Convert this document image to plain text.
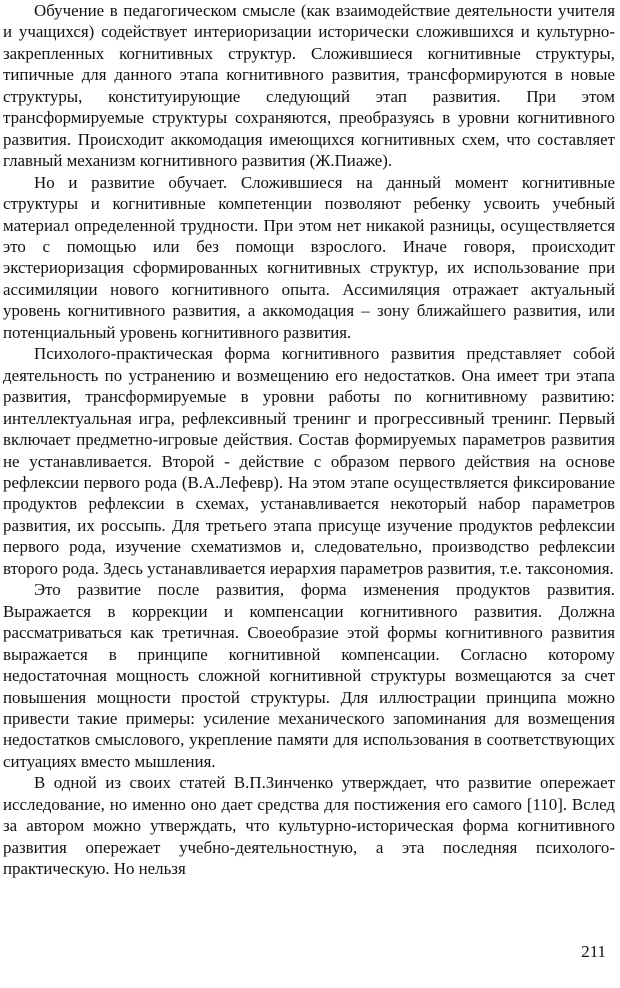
Обучение в педагогическом смысле (как взаимодействие деятельности учителя и учащихся) содействует интериоризации исторически сложившихся и культурно-закрепленных когнитивных структур. Сложившиеся когнитивные структуры, типичные для данного этапа когнитивного развития, трансформируются в новые структуры, конституирующие следующий этап развития. При этом трансформируемые структуры сохраняются, преобразуясь в уровни когнитивного развития. Происходит аккомодация имеющихся когнитивных схем, что составляет главный механизм когнитивного развития (Ж.Пиаже).

Но и развитие обучает. Сложившиеся на данный момент когнитивные структуры и когнитивные компетенции позволяют ребенку усвоить учебный материал определенной трудности. При этом нет никакой разницы, осуществляется это с помощью или без помощи взрослого. Иначе говоря, происходит экстериоризация сформированных когнитивных структур, их использование при ассимиляции нового когнитивного опыта. Ассимиляция отражает актуальный уровень когнитивного развития, а аккомодация – зону ближайшего развития, или потенциальный уровень когнитивного развития.

Психолого-практическая форма когнитивного развития представляет собой деятельность по устранению и возмещению его недостатков. Она имеет три этапа развития, трансформируемые в уровни работы по когнитивному развитию: интеллектуальная игра, рефлексивный тренинг и прогрессивный тренинг. Первый включает предметно-игровые действия. Состав формируемых параметров развития не устанавливается. Второй - действие с образом первого действия на основе рефлексии первого рода (В.А.Лефевр). На этом этапе осуществляется фиксирование продуктов рефлексии в схемах, устанавливается некоторый набор параметров развития, их россыпь. Для третьего этапа присуще изучение продуктов рефлексии первого рода, изучение схематизмов и, следовательно, производство рефлексии второго рода. Здесь устанавливается иерархия параметров развития, т.е. таксономия.

Это развитие после развития, форма изменения продуктов развития. Выражается в коррекции и компенсации когнитивного развития. Должна рассматриваться как третичная. Своеобразие этой формы когнитивного развития выражается в принципе когнитивной компенсации. Согласно которому недостаточная мощность сложной когнитивной структуры возмещаются за счет повышения мощности простой структуры. Для иллюстрации принципа можно привести такие примеры: усиление механического запоминания для возмещения недостатков смыслового, укрепление памяти для использования в соответствующих ситуациях вместо мышления.

В одной из своих статей В.П.Зинченко утверждает, что развитие опережает исследование, но именно оно дает средства для постижения его самого [110]. Вслед за автором можно утверждать, что культурно-историческая форма когнитивного развития опережает учебно-деятельностную, а эта последняя психолого-практическую. Но нельзя

211
